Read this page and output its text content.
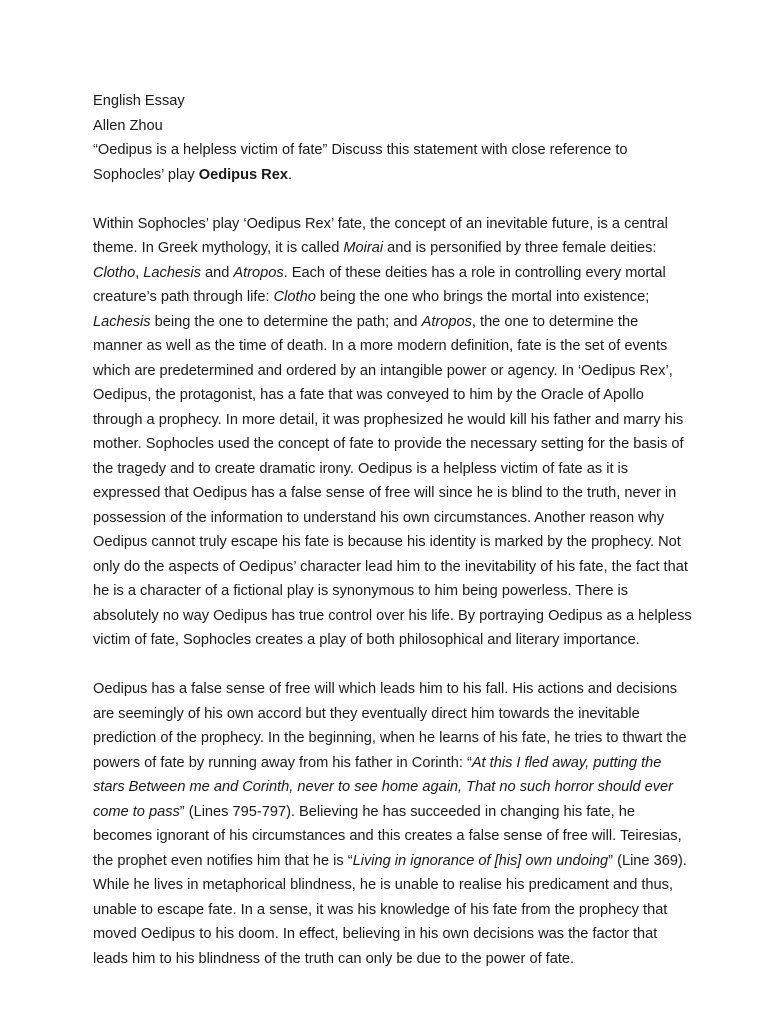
English Essay
Allen Zhou
“Oedipus is a helpless victim of fate” Discuss this statement with close reference to
Sophocles’ play Oedipus Rex.
Within Sophocles’ play ‘Oedipus Rex’ fate, the concept of an inevitable future, is a central
theme. In Greek mythology, it is called Moirai and is personified by three female deities:
Clotho, Lachesis and Atropos. Each of these deities has a role in controlling every mortal
creature’s path through life: Clotho being the one who brings the mortal into existence;
Lachesis being the one to determine the path; and Atropos, the one to determine the
manner as well as the time of death. In a more modern definition, fate is the set of events
which are predetermined and ordered by an intangible power or agency. In ‘Oedipus Rex’,
Oedipus, the protagonist, has a fate that was conveyed to him by the Oracle of Apollo
through a prophecy. In more detail, it was prophesized he would kill his father and marry his
mother. Sophocles used the concept of fate to provide the necessary setting for the basis of
the tragedy and to create dramatic irony. Oedipus is a helpless victim of fate as it is
expressed that Oedipus has a false sense of free will since he is blind to the truth, never in
possession of the information to understand his own circumstances. Another reason why
Oedipus cannot truly escape his fate is because his identity is marked by the prophecy. Not
only do the aspects of Oedipus’ character lead him to the inevitability of his fate, the fact that
he is a character of a fictional play is synonymous to him being powerless. There is
absolutely no way Oedipus has true control over his life. By portraying Oedipus as a helpless
victim of fate, Sophocles creates a play of both philosophical and literary importance.
Oedipus has a false sense of free will which leads him to his fall. His actions and decisions
are seemingly of his own accord but they eventually direct him towards the inevitable
prediction of the prophecy. In the beginning, when he learns of his fate, he tries to thwart the
powers of fate by running away from his father in Corinth: “At this I fled away, putting the
stars Between me and Corinth, never to see home again, That no such horror should ever
come to pass” (Lines 795-797). Believing he has succeeded in changing his fate, he
becomes ignorant of his circumstances and this creates a false sense of free will. Teiresias,
the prophet even notifies him that he is “Living in ignorance of [his] own undoing” (Line 369).
While he lives in metaphorical blindness, he is unable to realise his predicament and thus,
unable to escape fate. In a sense, it was his knowledge of his fate from the prophecy that
moved Oedipus to his doom. In effect, believing in his own decisions was the factor that
leads him to his blindness of the truth can only be due to the power of fate.
